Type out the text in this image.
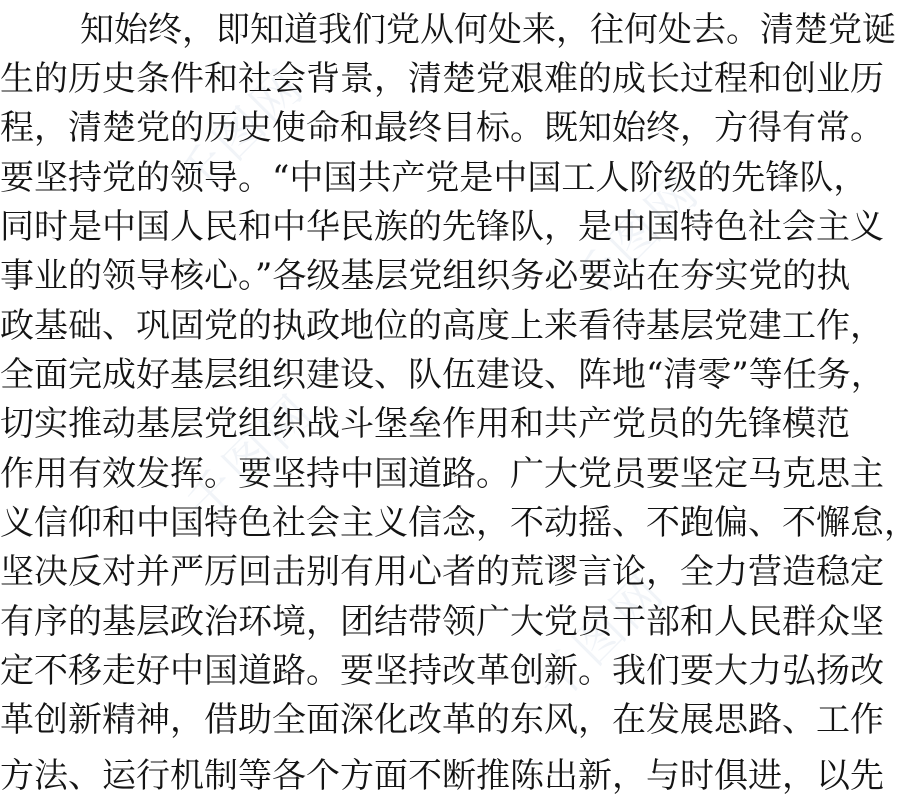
千图网
千图网
千图网
千图网
知始终，即知道我们党从何处来，往何处去。清楚党诞
生的历史条件和社会背景，清楚党艰难的成长过程和创业历
程，清楚党的历史使命和最终目标。既知始终，方得有常。
要坚持党的领导。“中国共产党是中国工人阶级的先锋队，
同时是中国人民和中华民族的先锋队，是中国特色社会主义
事业的领导核心。”各级基层党组织务必要站在夯实党的执
政基础、巩固党的执政地位的高度上来看待基层党建工作，
全面完成好基层组织建设、队伍建设、阵地“清零”等任务，
切实推动基层党组织战斗堡垒作用和共产党员的先锋模范
作用有效发挥。要坚持中国道路。广大党员要坚定马克思主
义信仰和中国特色社会主义信念，不动摇、不跑偏、不懈怠，
坚决反对并严厉回击别有用心者的荒谬言论，全力营造稳定
有序的基层政治环境，团结带领广大党员干部和人民群众坚
定不移走好中国道路。要坚持改革创新。我们要大力弘扬改
革创新精神，借助全面深化改革的东风，在发展思路、工作
方法、运行机制等各个方面不断推陈出新，与时俱进，以先
